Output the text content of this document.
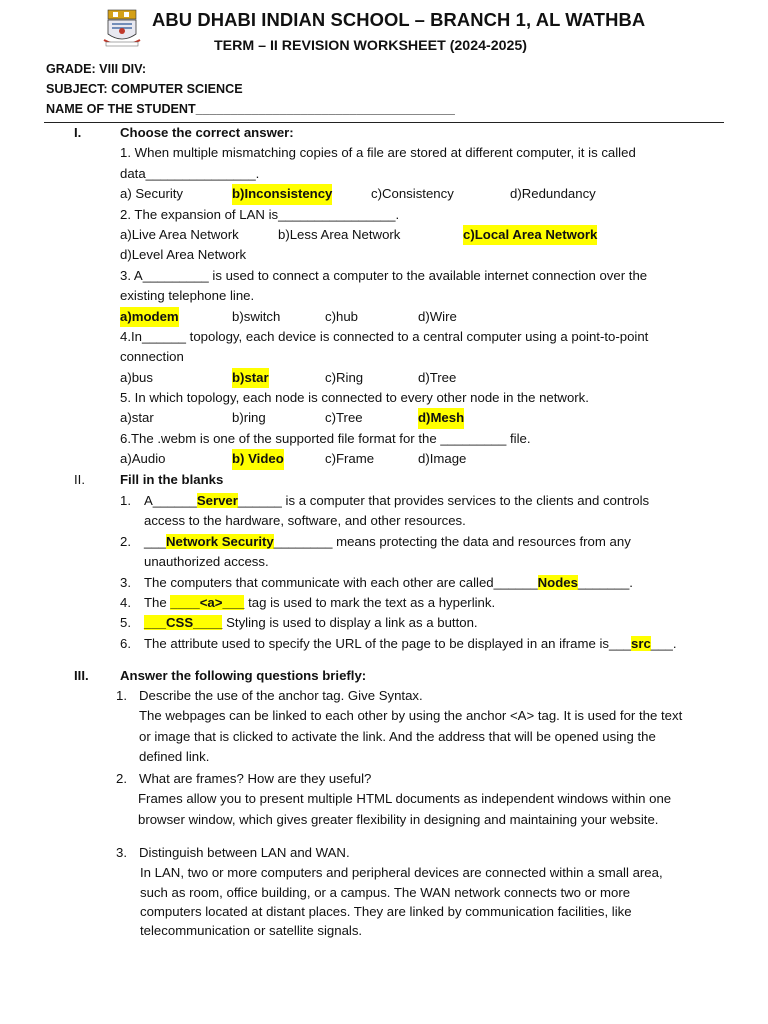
ABU DHABI INDIAN SCHOOL – BRANCH 1, AL WATHBA
TERM – II REVISION WORKSHEET (2024-2025)
GRADE: VIII DIV:
SUBJECT: COMPUTER SCIENCE
NAME OF THE STUDENT_____________________________________
I.	Choose the correct answer:
1. When multiple mismatching copies of a file are stored at different computer, it is called
data_______________.
a) Security	b)Inconsistency	c)Consistency	d)Redundancy
2. The expansion of LAN is________________.
a)Live Area Network	b)Less Area Network	c)Local Area Network
d)Level Area Network
3. A_________ is used to connect a computer to the available internet connection over the
existing telephone line.
a)modem	b)switch	c)hub	d)Wire
4.In______ topology, each device is connected to a central computer using a point-to-point
connection
a)bus	b)star	c)Ring	d)Tree
5. In which topology, each node is connected to every other node in the network.
a)star	b)ring	c)Tree	d)Mesh
6.The .webm is one of the supported file format for the _________ file.
a)Audio	b) Video	c)Frame	d)Image
II.	Fill in the blanks
1. A______Server______ is a computer that provides services to the clients and controls
access to the hardware, software, and other resources.
2. ___Network Security________ means protecting the data and resources from any
unauthorized access.
3. The computers that communicate with each other are called______Nodes_______.
4. The ____<a>___ tag is used to mark the text as a hyperlink.
5. ___CSS____ Styling is used to display a link as a button.
6. The attribute used to specify the URL of the page to be displayed in an iframe is___src___.
III. Answer the following questions briefly:
1. Describe the use of the anchor tag. Give Syntax.
The webpages can be linked to each other by using the anchor <A> tag. It is used for the text
or image that is clicked to activate the link. And the address that will be opened using the
defined link.
2. What are frames? How are they useful?
Frames allow you to present multiple HTML documents as independent windows within one
browser window, which gives greater flexibility in designing and maintaining your website.
3. Distinguish between LAN and WAN.
In LAN, two or more computers and peripheral devices are connected within a small area,
such as room, office building, or a campus. The WAN network connects two or more
computers located at distant places. They are linked by communication facilities, like
telecommunication or satellite signals.
